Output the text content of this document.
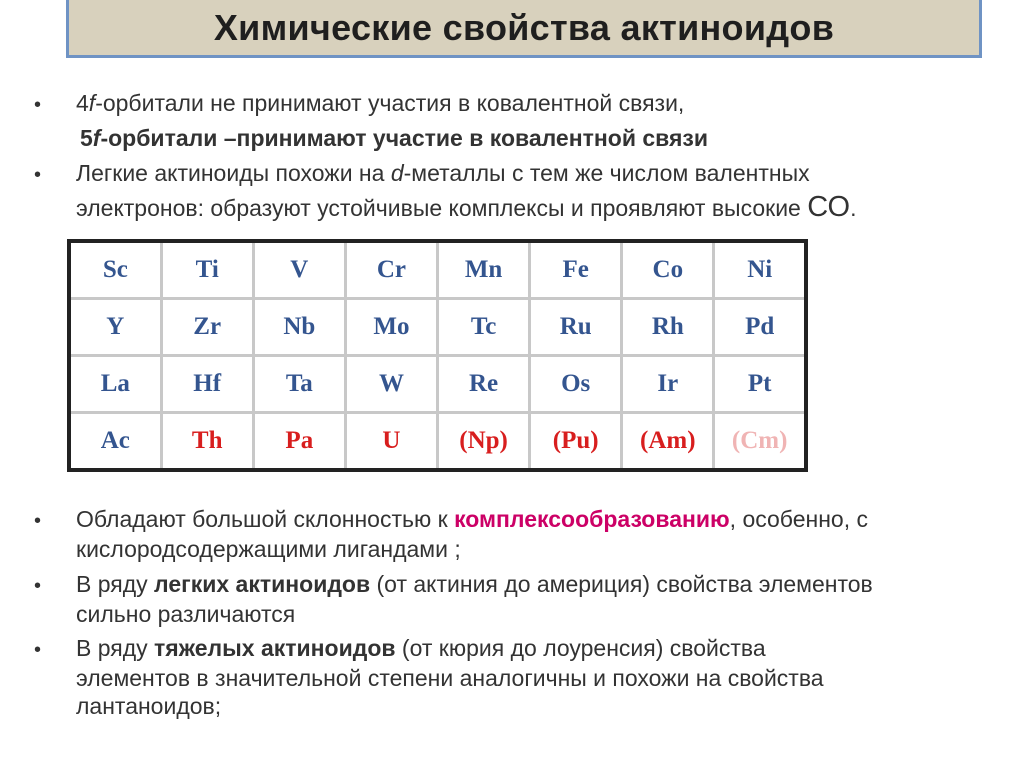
Химические свойства актиноидов
• 4f-орбитали не принимают участия в ковалентной связи,
5f-орбитали –принимают участие в ковалентной связи
• Легкие актиноиды похожи на d-металлы с тем же числом валентных
электронов: образуют устойчивые комплексы и проявляют высокие СО.
Sc	Ti	V	Cr	Mn	Fe	Co	Ni
Y	Zr	Nb	Mo	Tc	Ru	Rh	Pd
La	Hf	Ta	W	Re	Os	Ir	Pt
Ac	Th	Pa	U	(Np)	(Pu)	(Am)	(Cm)
• Обладают большой склонностью к комплексообразованию, особенно, с
кислородсодержащими лигандами ;
• В ряду легких актиноидов (от актиния до америция) свойства элементов
сильно различаются
• В ряду тяжелых актиноидов (от кюрия до лоуренсия) свойства
элементов в значительной степени аналогичны и похожи на свойства
лантаноидов;
